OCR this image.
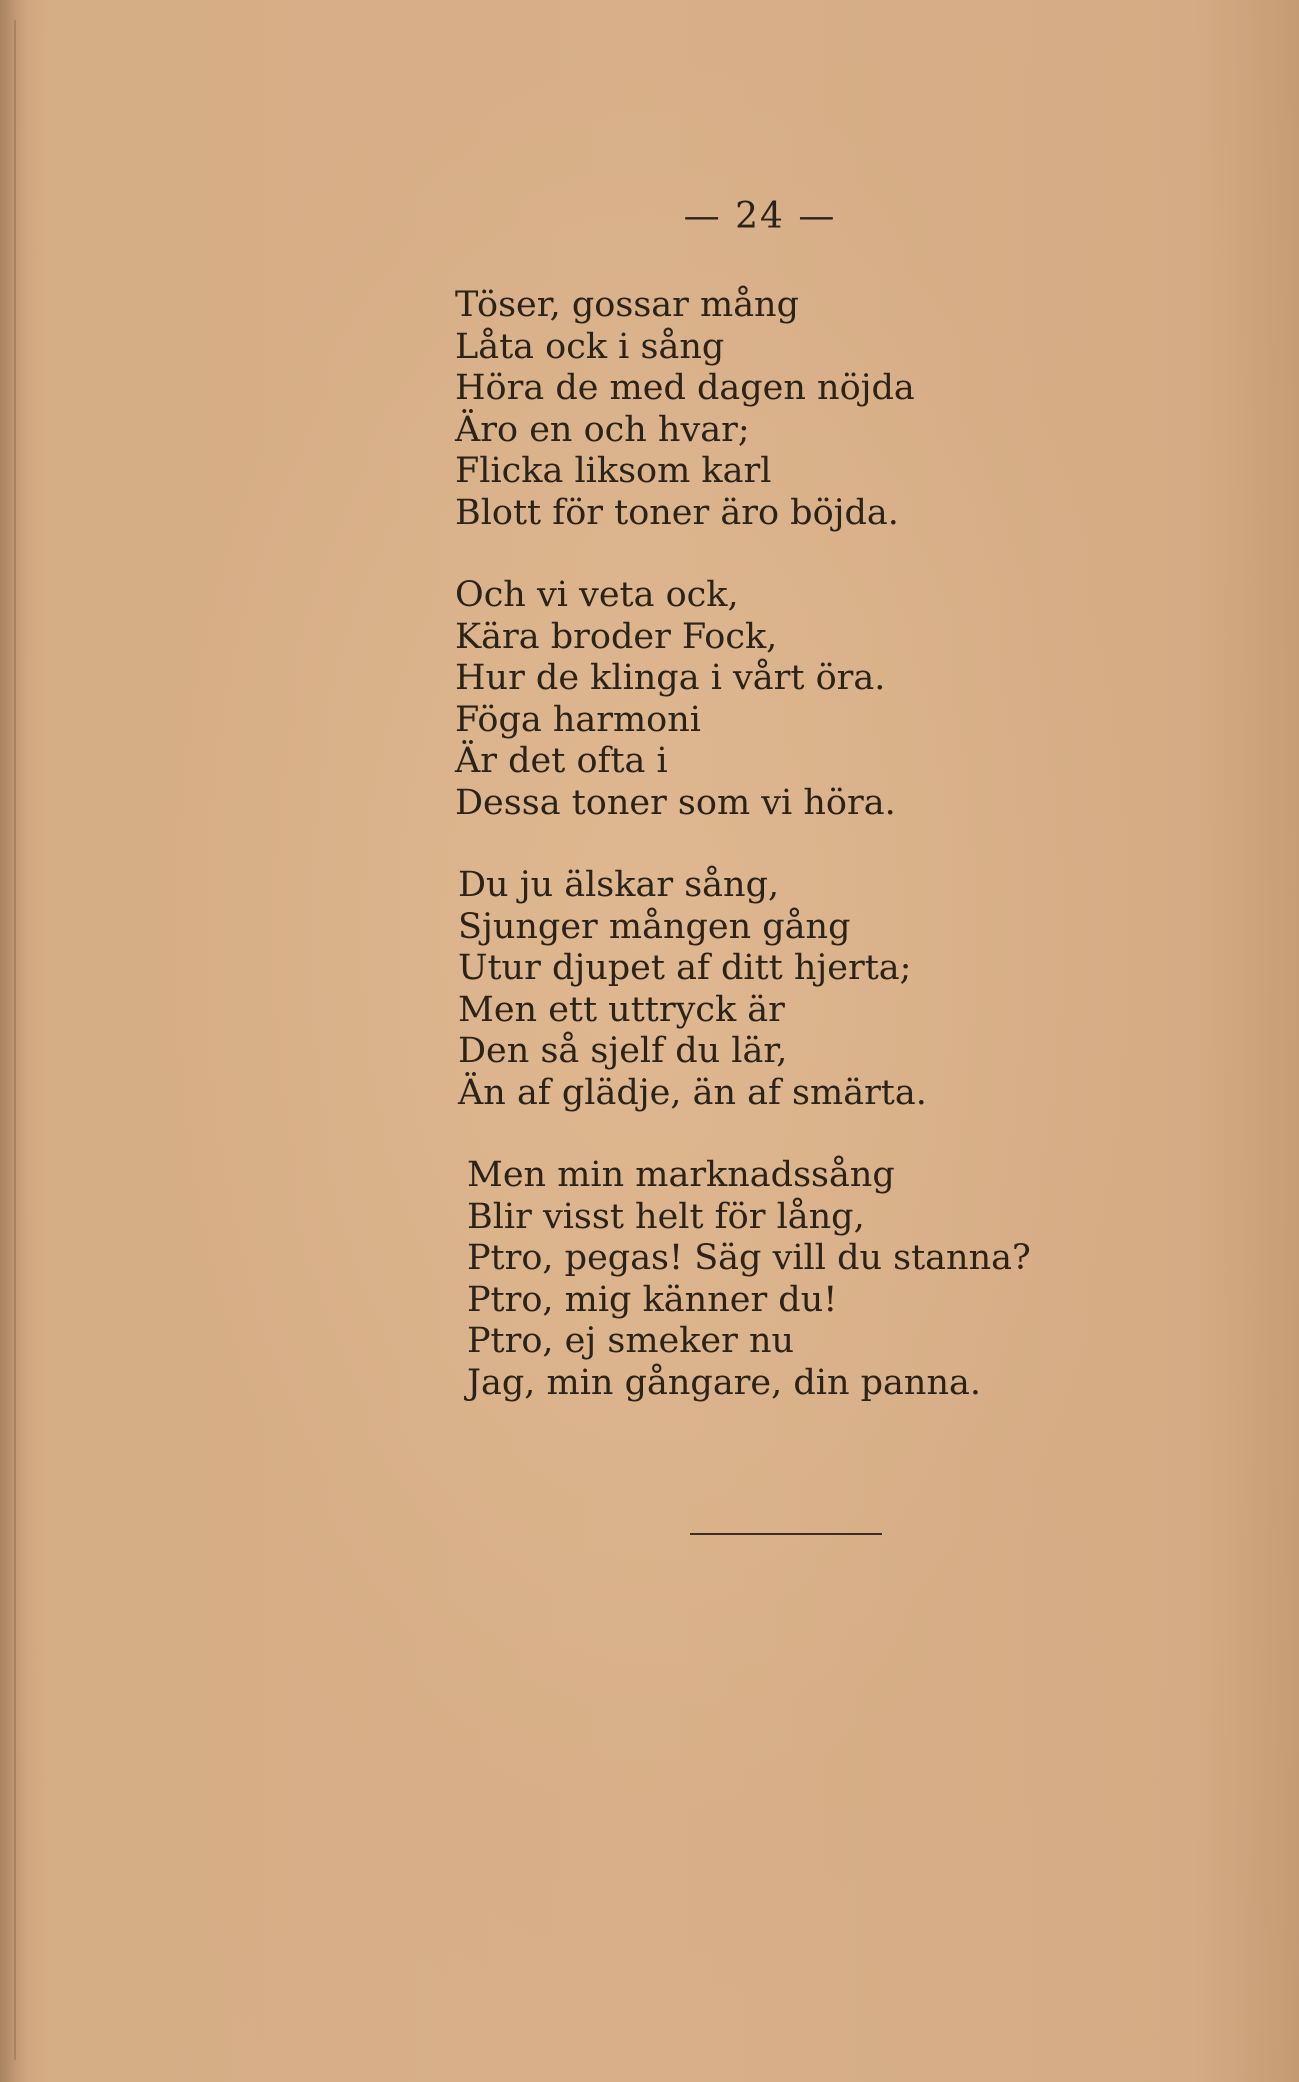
— 24 —
Töser, gossar mång
Låta ock i sång
Höra de med dagen nöjda
Äro en och hvar;
Flicka liksom karl
Blott för toner äro böjda.
Och vi veta ock,
Kära broder Fock,
Hur de klinga i vårt öra.
Föga harmoni
Är det ofta i
Dessa toner som vi höra.
Du ju älskar sång,
Sjunger mången gång
Utur djupet af ditt hjerta;
Men ett uttryck är
Den så sjelf du lär,
Än af glädje, än af smärta.
Men min marknadssång
Blir visst helt för lång,
Ptro, pegas! Säg vill du stanna?
Ptro, mig känner du!
Ptro, ej smeker nu
Jag, min gångare, din panna.
